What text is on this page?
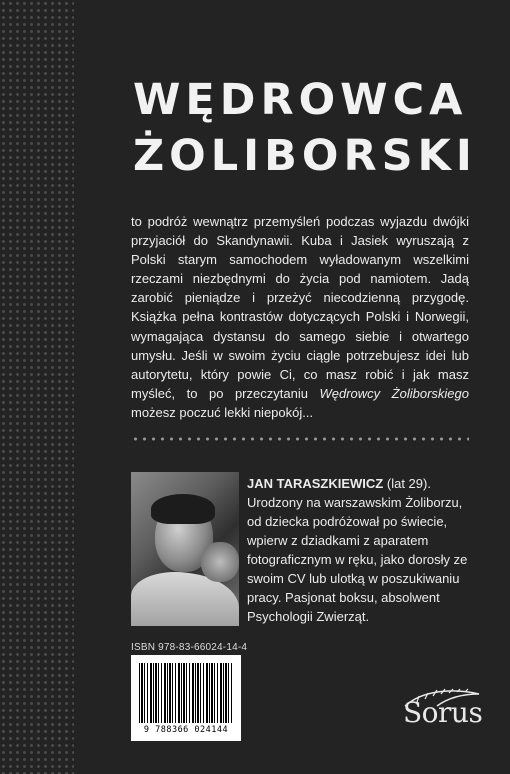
WĘDROWCA
ŻOLIBORSKI

to podróż wewnątrz przemyśleń podczas wyjazdu dwójki przyjaciół do Skandynawii. Kuba i Jasiek wyruszają z Polski starym samochodem wyładowanym wszelkimi rzeczami niezbędnymi do życia pod namiotem. Jadą zarobić pieniądze i przeżyć niecodzienną przygodę. Książka pełna kontrastów dotyczących Polski i Norwegii, wymagająca dystansu do samego siebie i otwartego umysłu. Jeśli w swoim życiu ciągle potrzebujesz idei lub autorytetu, który powie Ci, co masz robić i jak masz myśleć, to po przeczytaniu Wędrowcy Żoliborskiego możesz poczuć lekki niepokój...

JAN TARASZKIEWICZ (lat 29). Urodzony na warszawskim Żoliborzu, od dziecka podróżował po świecie, wpierw z dziadkami z aparatem fotograficznym w ręku, jako dorosły ze swoim CV lub ulotką w poszukiwaniu pracy. Pasjonat boksu, absolwent Psychologii Zwierząt.

ISBN 978-83-66024-14-4
9 788366 024144
Sorus
